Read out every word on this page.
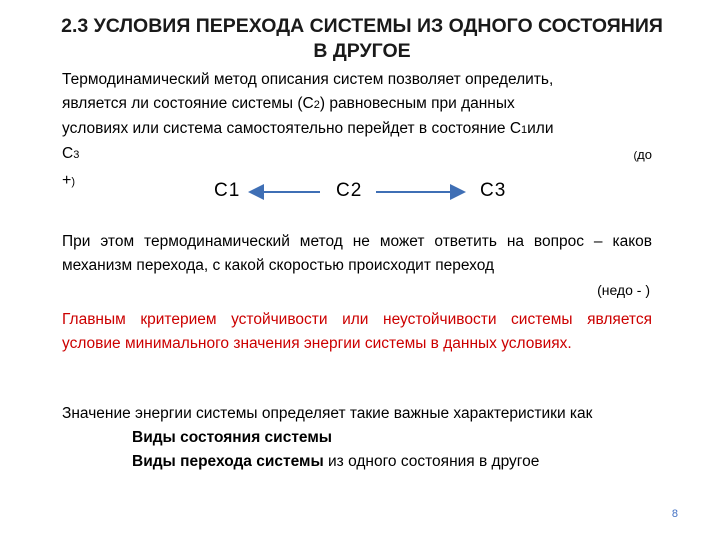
2.3 УСЛОВИЯ ПЕРЕХОДА СИСТЕМЫ ИЗ ОДНОГО СОСТОЯНИЯ
В ДРУГОЕ
Термодинамический метод описания систем позволяет определить,
является ли состояние системы (С2) равновесным при данных
условиях или система самостоятельно перейдет в состояние С1или
С3	(до
+)	С1	С2	С3
При этом термодинамический метод не может ответить на вопрос – каков механизм перехода, с какой скоростью происходит переход
(недо - )
Главным критерием устойчивости или неустойчивости системы является условие минимального значения энергии системы в данных условиях.
Значение энергии системы определяет такие важные характеристики как
Виды состояния системы
Виды перехода системы из одного состояния в другое
8
